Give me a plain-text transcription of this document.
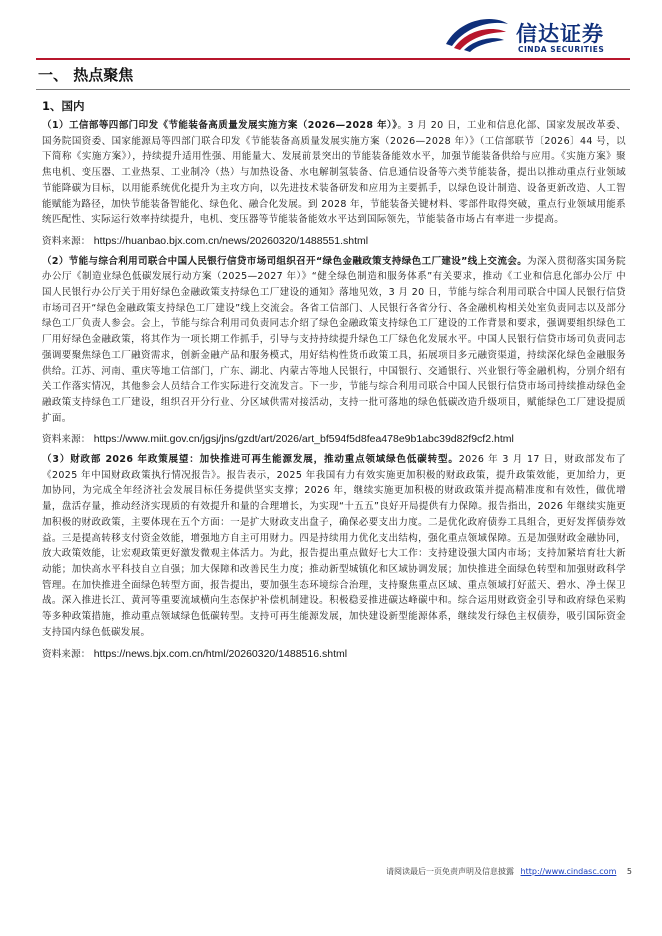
信达证券
CINDA SECURITIES
一、 热点聚焦
1、国内

（1）工信部等四部门印发《节能装备高质量发展实施方案（2026—2028 年）》。3 月 20 日，工业和信息化部、国家发展改革委、国务院国资委、国家能源局等四部门联合印发《节能装备高质量发展实施方案（2026—2028 年）》（工信部联节〔2026〕44 号，以下简称《实施方案》），持续提升适用性强、用能量大、发展前景突出的节能装备能效水平，加强节能装备供给与应用。《实施方案》聚焦电机、变压器、工业热泵、工业制冷（热）与加热设备、水电解制氢装备、信息通信设备等六类节能装备，提出以推动重点行业领域节能降碳为目标，以用能系统优化提升为主攻方向，以先进技术装备研发和应用为主要抓手，以绿色设计制造、设备更新改造、人工智能赋能为路径，加快节能装备智能化、绿色化、融合化发展。到 2028 年，节能装备关键材料、零部件取得突破，重点行业领域用能系统匹配性、实际运行效率持续提升，电机、变压器等节能装备能效水平达到国际领先，节能装备市场占有率进一步提高。

资料来源： https://huanbao.bjx.com.cn/news/20260320/1488551.shtml

（2）节能与综合利用司联合中国人民银行信贷市场司组织召开“绿色金融政策支持绿色工厂建设”线上交流会。为深入贯彻落实国务院办公厅《制造业绿色低碳发展行动方案（2025—2027 年）》“健全绿色制造和服务体系”有关要求，推动《工业和信息化部办公厅 中国人民银行办公厅关于用好绿色金融政策支持绿色工厂建设的通知》落地见效，3 月 20 日，节能与综合利用司联合中国人民银行信贷市场司召开“绿色金融政策支持绿色工厂建设”线上交流会。各省工信部门、人民银行各省分行、各金融机构相关处室负责同志以及部分绿色工厂负责人参会。会上，节能与综合利用司负责同志介绍了绿色金融政策支持绿色工厂建设的工作背景和要求，强调要组织绿色工厂用好绿色金融政策，将其作为一项长期工作抓手，引导与支持持续提升绿色工厂绿色化发展水平。中国人民银行信贷市场司负责同志强调要聚焦绿色工厂融资需求，创新金融产品和服务模式，用好结构性货币政策工具，拓展项目多元融资渠道，持续深化绿色金融服务供给。江苏、河南、重庆等地工信部门，广东、湖北、内蒙古等地人民银行，中国银行、交通银行、兴业银行等金融机构，分别介绍有关工作落实情况，其他参会人员结合工作实际进行交流发言。下一步，节能与综合利用司联合中国人民银行信贷市场司持续推动绿色金融政策支持绿色工厂建设，组织召开分行业、分区域供需对接活动，支持一批可落地的绿色低碳改造升级项目，赋能绿色工厂建设提质扩面。

资料来源： https://www.miit.gov.cn/jgsj/jns/gzdt/art/2026/art_bf594f5d8fea478e9b1abc39d82f9cf2.html

（3）财政部 2026 年政策展望：加快推进可再生能源发展，推动重点领域绿色低碳转型。2026 年 3 月 17 日，财政部发布了《2025 年中国财政政策执行情况报告》。报告表示，2025 年我国有力有效实施更加积极的财政政策，提升政策效能，更加给力，更加协同，为完成全年经济社会发展目标任务提供坚实支撑；2026 年，继续实施更加积极的财政政策并提高精准度和有效性，做优增量，盘活存量，推动经济实现质的有效提升和量的合理增长，为实现“十五五”良好开局提供有力保障。报告指出，2026 年继续实施更加积极的财政政策，主要体现在五个方面：一是扩大财政支出盘子，确保必要支出力度。二是优化政府债券工具组合，更好发挥债券效益。三是提高转移支付资金效能，增强地方自主可用财力。四是持续用力优化支出结构，强化重点领域保障。五是加强财政金融协同，放大政策效能，让宏观政策更好激发微观主体活力。为此，报告提出重点做好七大工作：支持建设强大国内市场；支持加紧培育壮大新动能；加快高水平科技自立自强；加大保障和改善民生力度；推动新型城镇化和区域协调发展；加快推进全面绿色转型和加强财政科学管理。在加快推进全面绿色转型方面，报告提出，要加强生态环境综合治理，支持聚焦重点区域、重点领域打好蓝天、碧水、净土保卫战。深入推进长江、黄河等重要流域横向生态保护补偿机制建设。积极稳妥推进碳达峰碳中和。综合运用财政资金引导和政府绿色采购等多种政策措施，推动重点领域绿色低碳转型。支持可再生能源发展，加快建设新型能源体系，继续发行绿色主权债券，吸引国际资金支持国内绿色低碳发展。

资料来源： https://news.bjx.com.cn/html/20260320/1488516.shtml

请阅读最后一页免责声明及信息披露 http://www.cindasc.com 5
